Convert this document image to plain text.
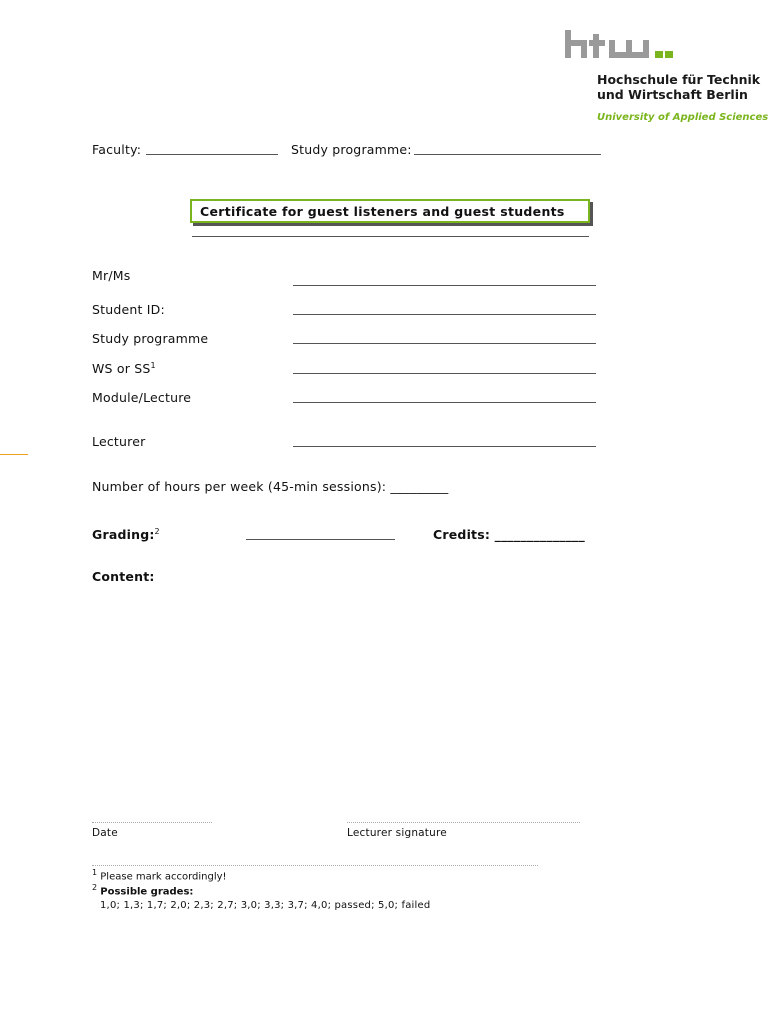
Hochschule für Technik
und Wirtschaft Berlin
University of Applied Sciences
Faculty:	Study programme:
Certificate for guest listeners and guest students
Mr/Ms
Student ID:
Study programme
WS or $SS^1$
Module/Lecture
Lecturer
Number of hours per week (45-min sessions): _________
Grading:$^2$	Credits: ______________
Content:
Date	Lecturer signature
$^1$ Please mark accordingly!
$^2$ Possible grades:
1,0; 1,3; 1,7; 2,0; 2,3; 2,7; 3,0; 3,3; 3,7; 4,0; passed; 5,0; failed
